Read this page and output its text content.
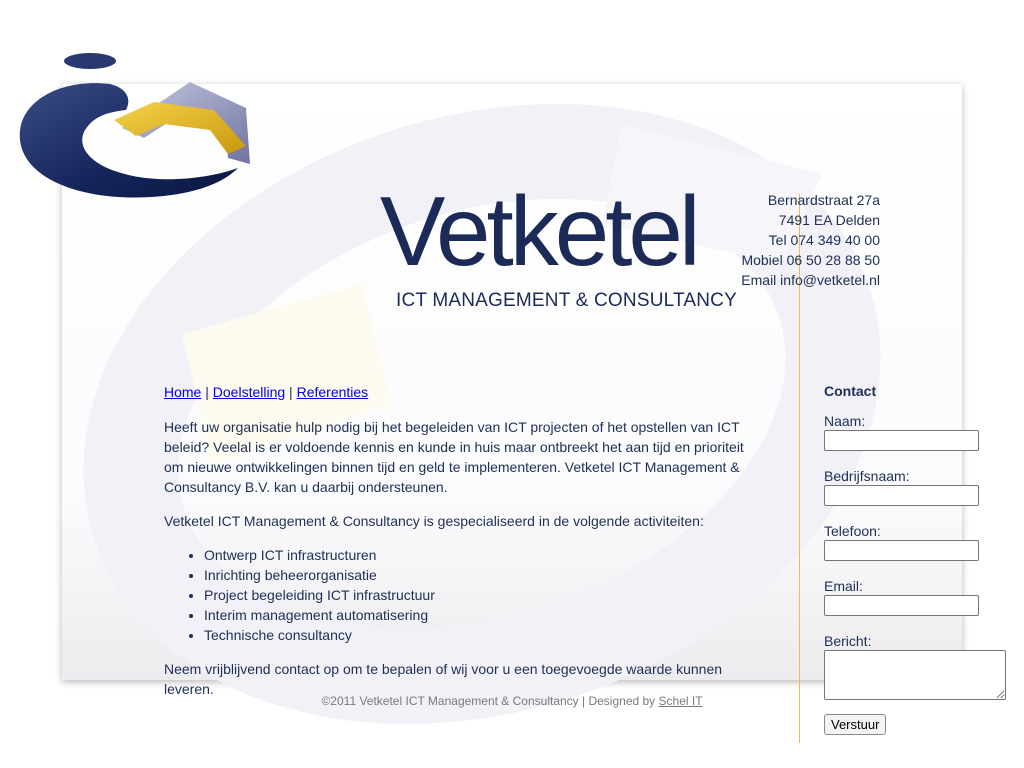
Vetketel
ICT MANAGEMENT & CONSULTANCY
Bernardstraat 27a
7491 EA Delden
Tel 074 349 40 00
Mobiel 06 50 28 88 50
Email info@vetketel.nl
Home | Doelstelling | Referenties

Heeft uw organisatie hulp nodig bij het begeleiden van ICT projecten of het opstellen van ICT beleid? Veelal is er voldoende kennis en kunde in huis maar ontbreekt het aan tijd en prioriteit om nieuwe ontwikkelingen binnen tijd en geld te implementeren. Vetketel ICT Management & Consultancy B.V. kan u daarbij ondersteunen.

Vetketel ICT Management & Consultancy is gespecialiseerd in de volgende activiteiten:

• Ontwerp ICT infrastructuren
• Inrichting beheerorganisatie
• Project begeleiding ICT infrastructuur
• Interim management automatisering
• Technische consultancy

Neem vrijblijvend contact op om te bepalen of wij voor u een toegevoegde waarde kunnen leveren.

Contact
Naam:
Bedrijfsnaam:
Telefoon:
Email:
Bericht:
Verstuur
©2011 Vetketel ICT Management & Consultancy | Designed by Schel IT
